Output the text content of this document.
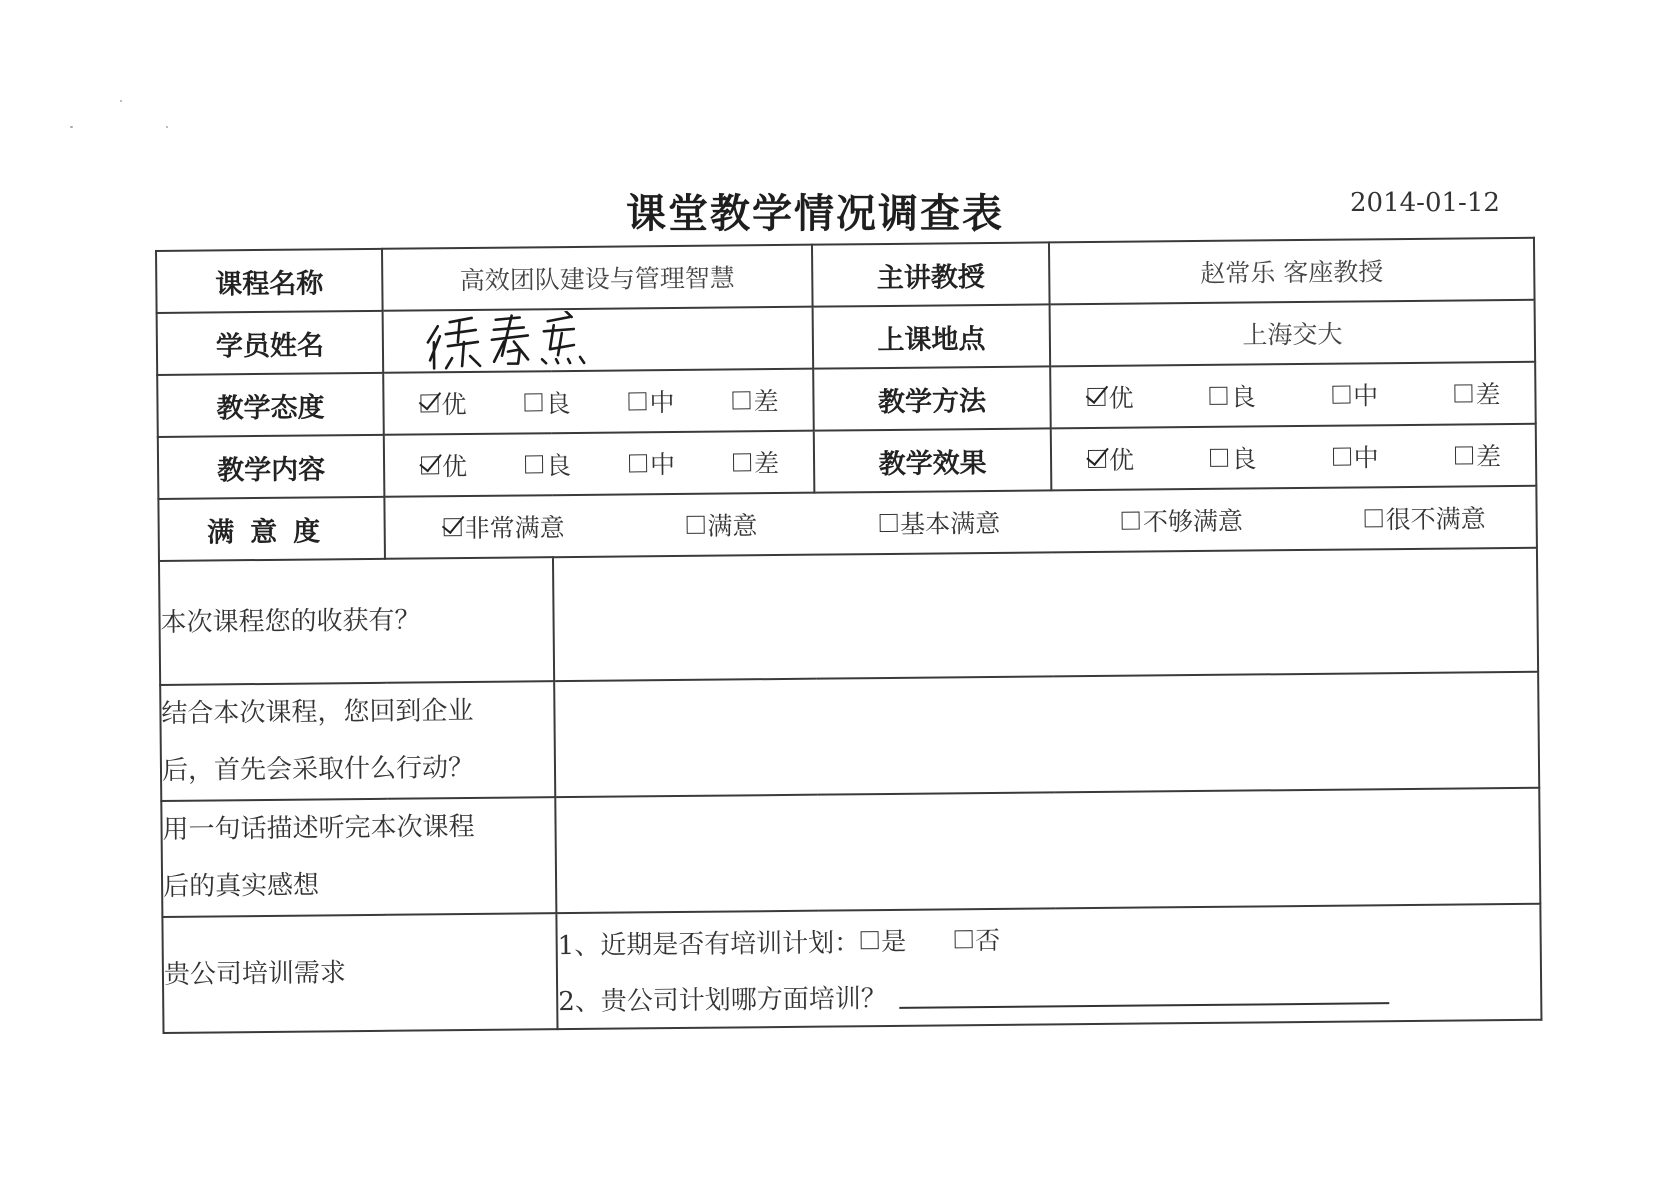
课堂教学情况调查表	2014-01-12
课程名称	高效团队建设与管理智慧		主讲教授	赵常乐 客座教授
学员姓名			上课地点	上海交大
教学态度	优 良 中 差		教学方法	优 良 中 差

教学内容	优 良 中 差		教学效果	优 良 中 差

满意度	非常满意 满意 基本满意 不够满意 很不满意			

本次课程您的收获有？				

结合本次课程，您回到企业
后，首先会采取什么行动？				

用一句话描述听完本次课程
后的真实感想				

贵公司培训需求		1、近期是否有培训计划： 是 否
2、贵公司计划哪方面培训？		
